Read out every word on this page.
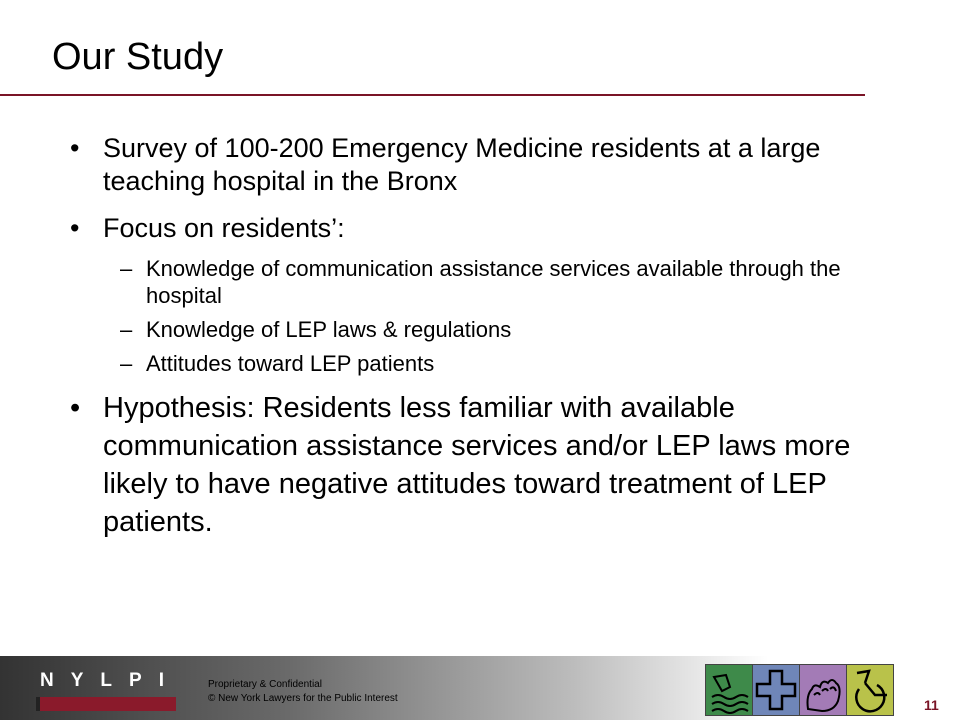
Our Study
• Survey of 100-200 Emergency Medicine residents at a large teaching hospital in the Bronx
• Focus on residents’:
– Knowledge of communication assistance services available through the hospital
– Knowledge of LEP laws & regulations
– Attitudes toward LEP patients
• Hypothesis: Residents less familiar with available communication assistance services and/or LEP laws more likely to have negative attitudes toward treatment of LEP patients.
N Y L P I	Proprietary & Confidential
© New York Lawyers for the Public Interest	11
